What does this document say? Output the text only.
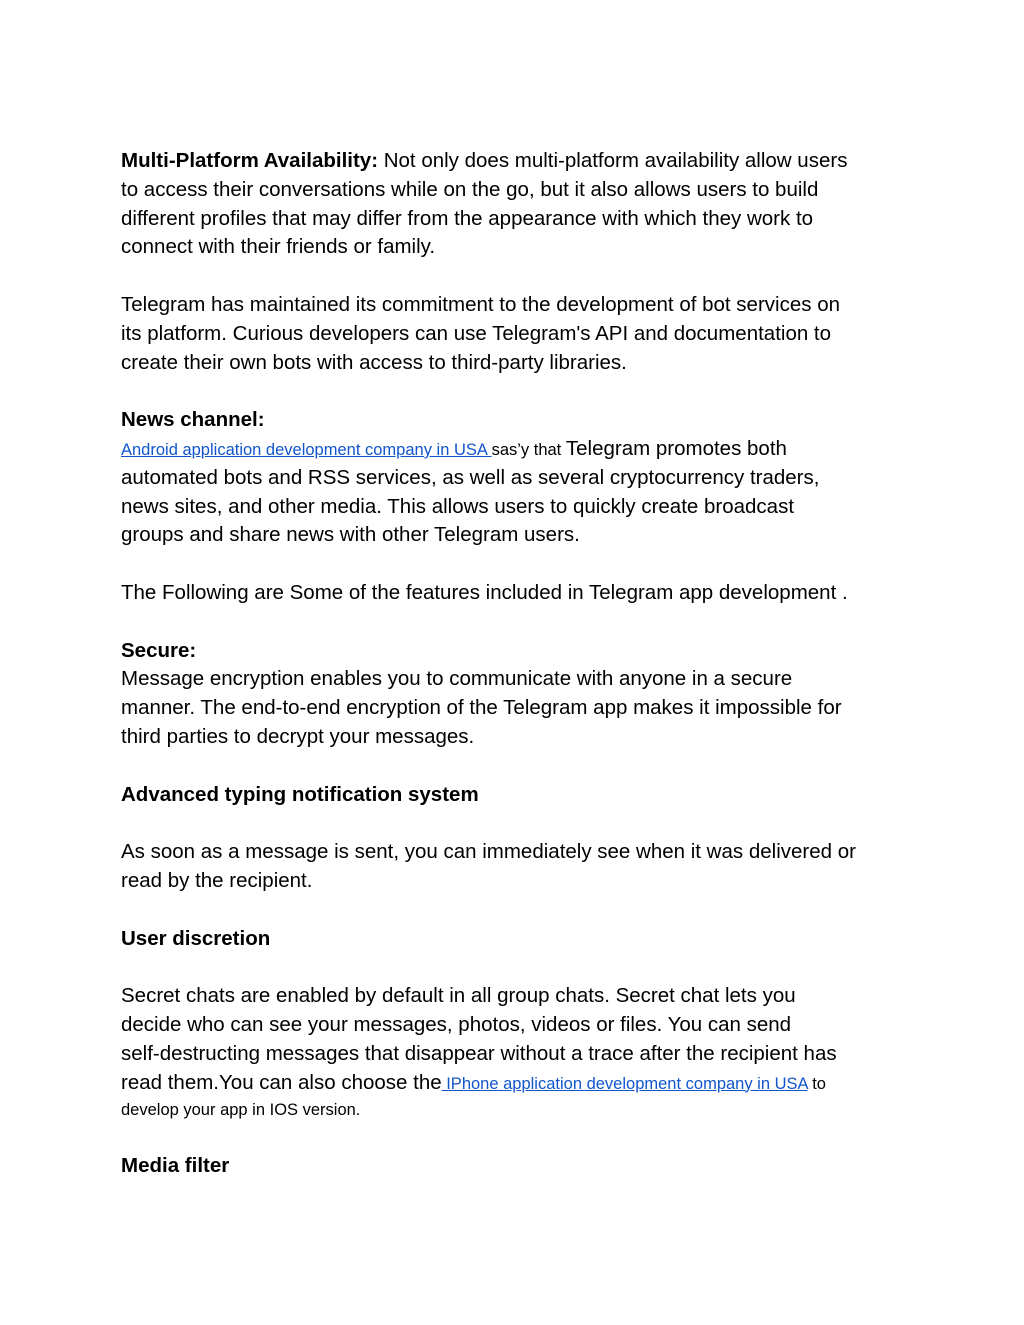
Multi-Platform Availability: Not only does multi-platform availability allow users
to access their conversations while on the go, but it also allows users to build
different profiles that may differ from the appearance with which they work to
connect with their friends or family.
Telegram has maintained its commitment to the development of bot services on
its platform. Curious developers can use Telegram's API and documentation to
create their own bots with access to third-party libraries.
News channel:
Android application development company in USA sas’y that Telegram promotes both
automated bots and RSS services, as well as several cryptocurrency traders,
news sites, and other media. This allows users to quickly create broadcast
groups and share news with other Telegram users.
The Following are Some of the features included in Telegram app development .
Secure:
Message encryption enables you to communicate with anyone in a secure
manner. The end-to-end encryption of the Telegram app makes it impossible for
third parties to decrypt your messages.
Advanced typing notification system
As soon as a message is sent, you can immediately see when it was delivered or
read by the recipient.
User discretion
Secret chats are enabled by default in all group chats. Secret chat lets you
decide who can see your messages, photos, videos or files. You can send
self-destructing messages that disappear without a trace after the recipient has
read them.You can also choose the IPhone application development company in USA to
develop your app in IOS version.
Media filter
